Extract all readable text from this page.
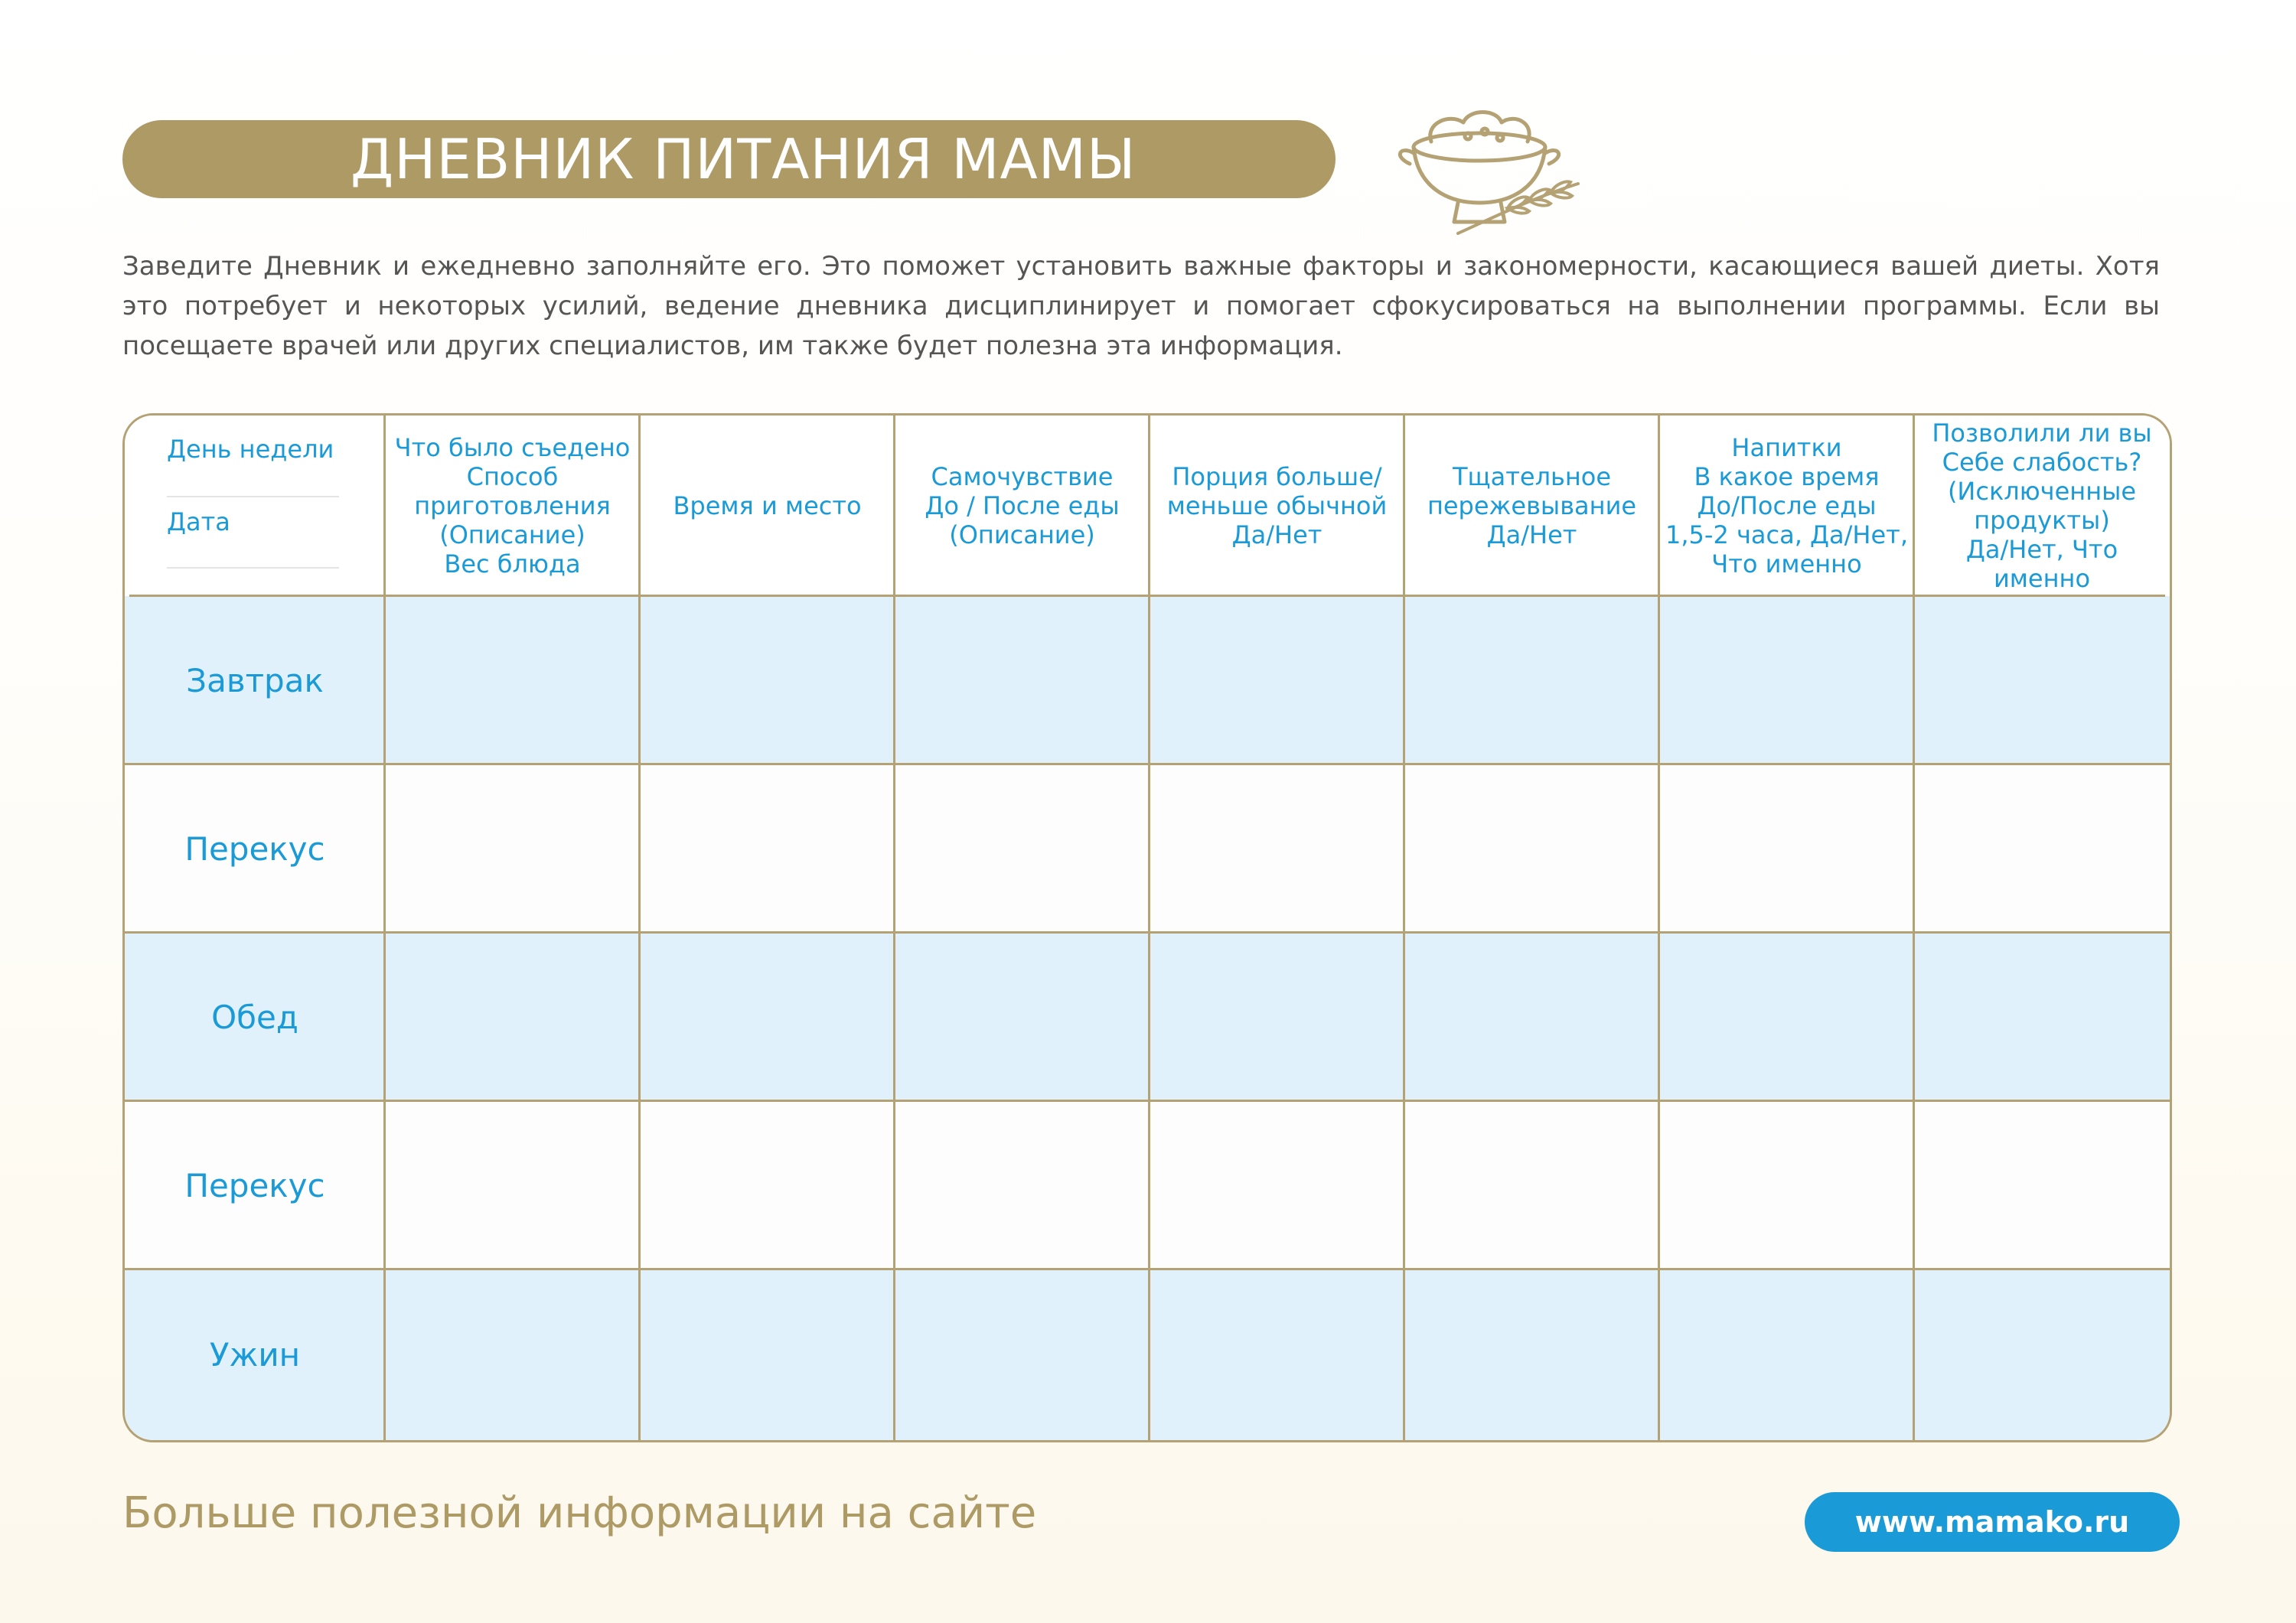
ДНЕВНИК ПИТАНИЯ МАМЫ
Заведите Дневник и ежедневно заполняйте его. Это поможет установить важные факторы и закономерности, касающиеся вашей диеты. Хотя это потребует и некоторых усилий, ведение дневника дисциплинирует и помогает сфокусироваться на выполнении программы. Если вы посещаете врачей или других специалистов, им также будет полезна эта информация.
День недели
Дата
Что было съедено
Способ
приготовления
(Описание)
Вес блюда
Время и место
Самочувствие
До / После еды
(Описание)
Порция больше/
меньше обычной
Да/Нет
Тщательное
пережевывание
Да/Нет
Напитки
В какое время
До/После еды
1,5-2 часа, Да/Нет,
Что именно
Позволили ли вы
Себе слабость?
(Исключенные
продукты)
Да/Нет, Что именно
Завтрак
Перекус
Обед
Перекус
Ужин
Больше полезной информации на сайте	www.mamako.ru
